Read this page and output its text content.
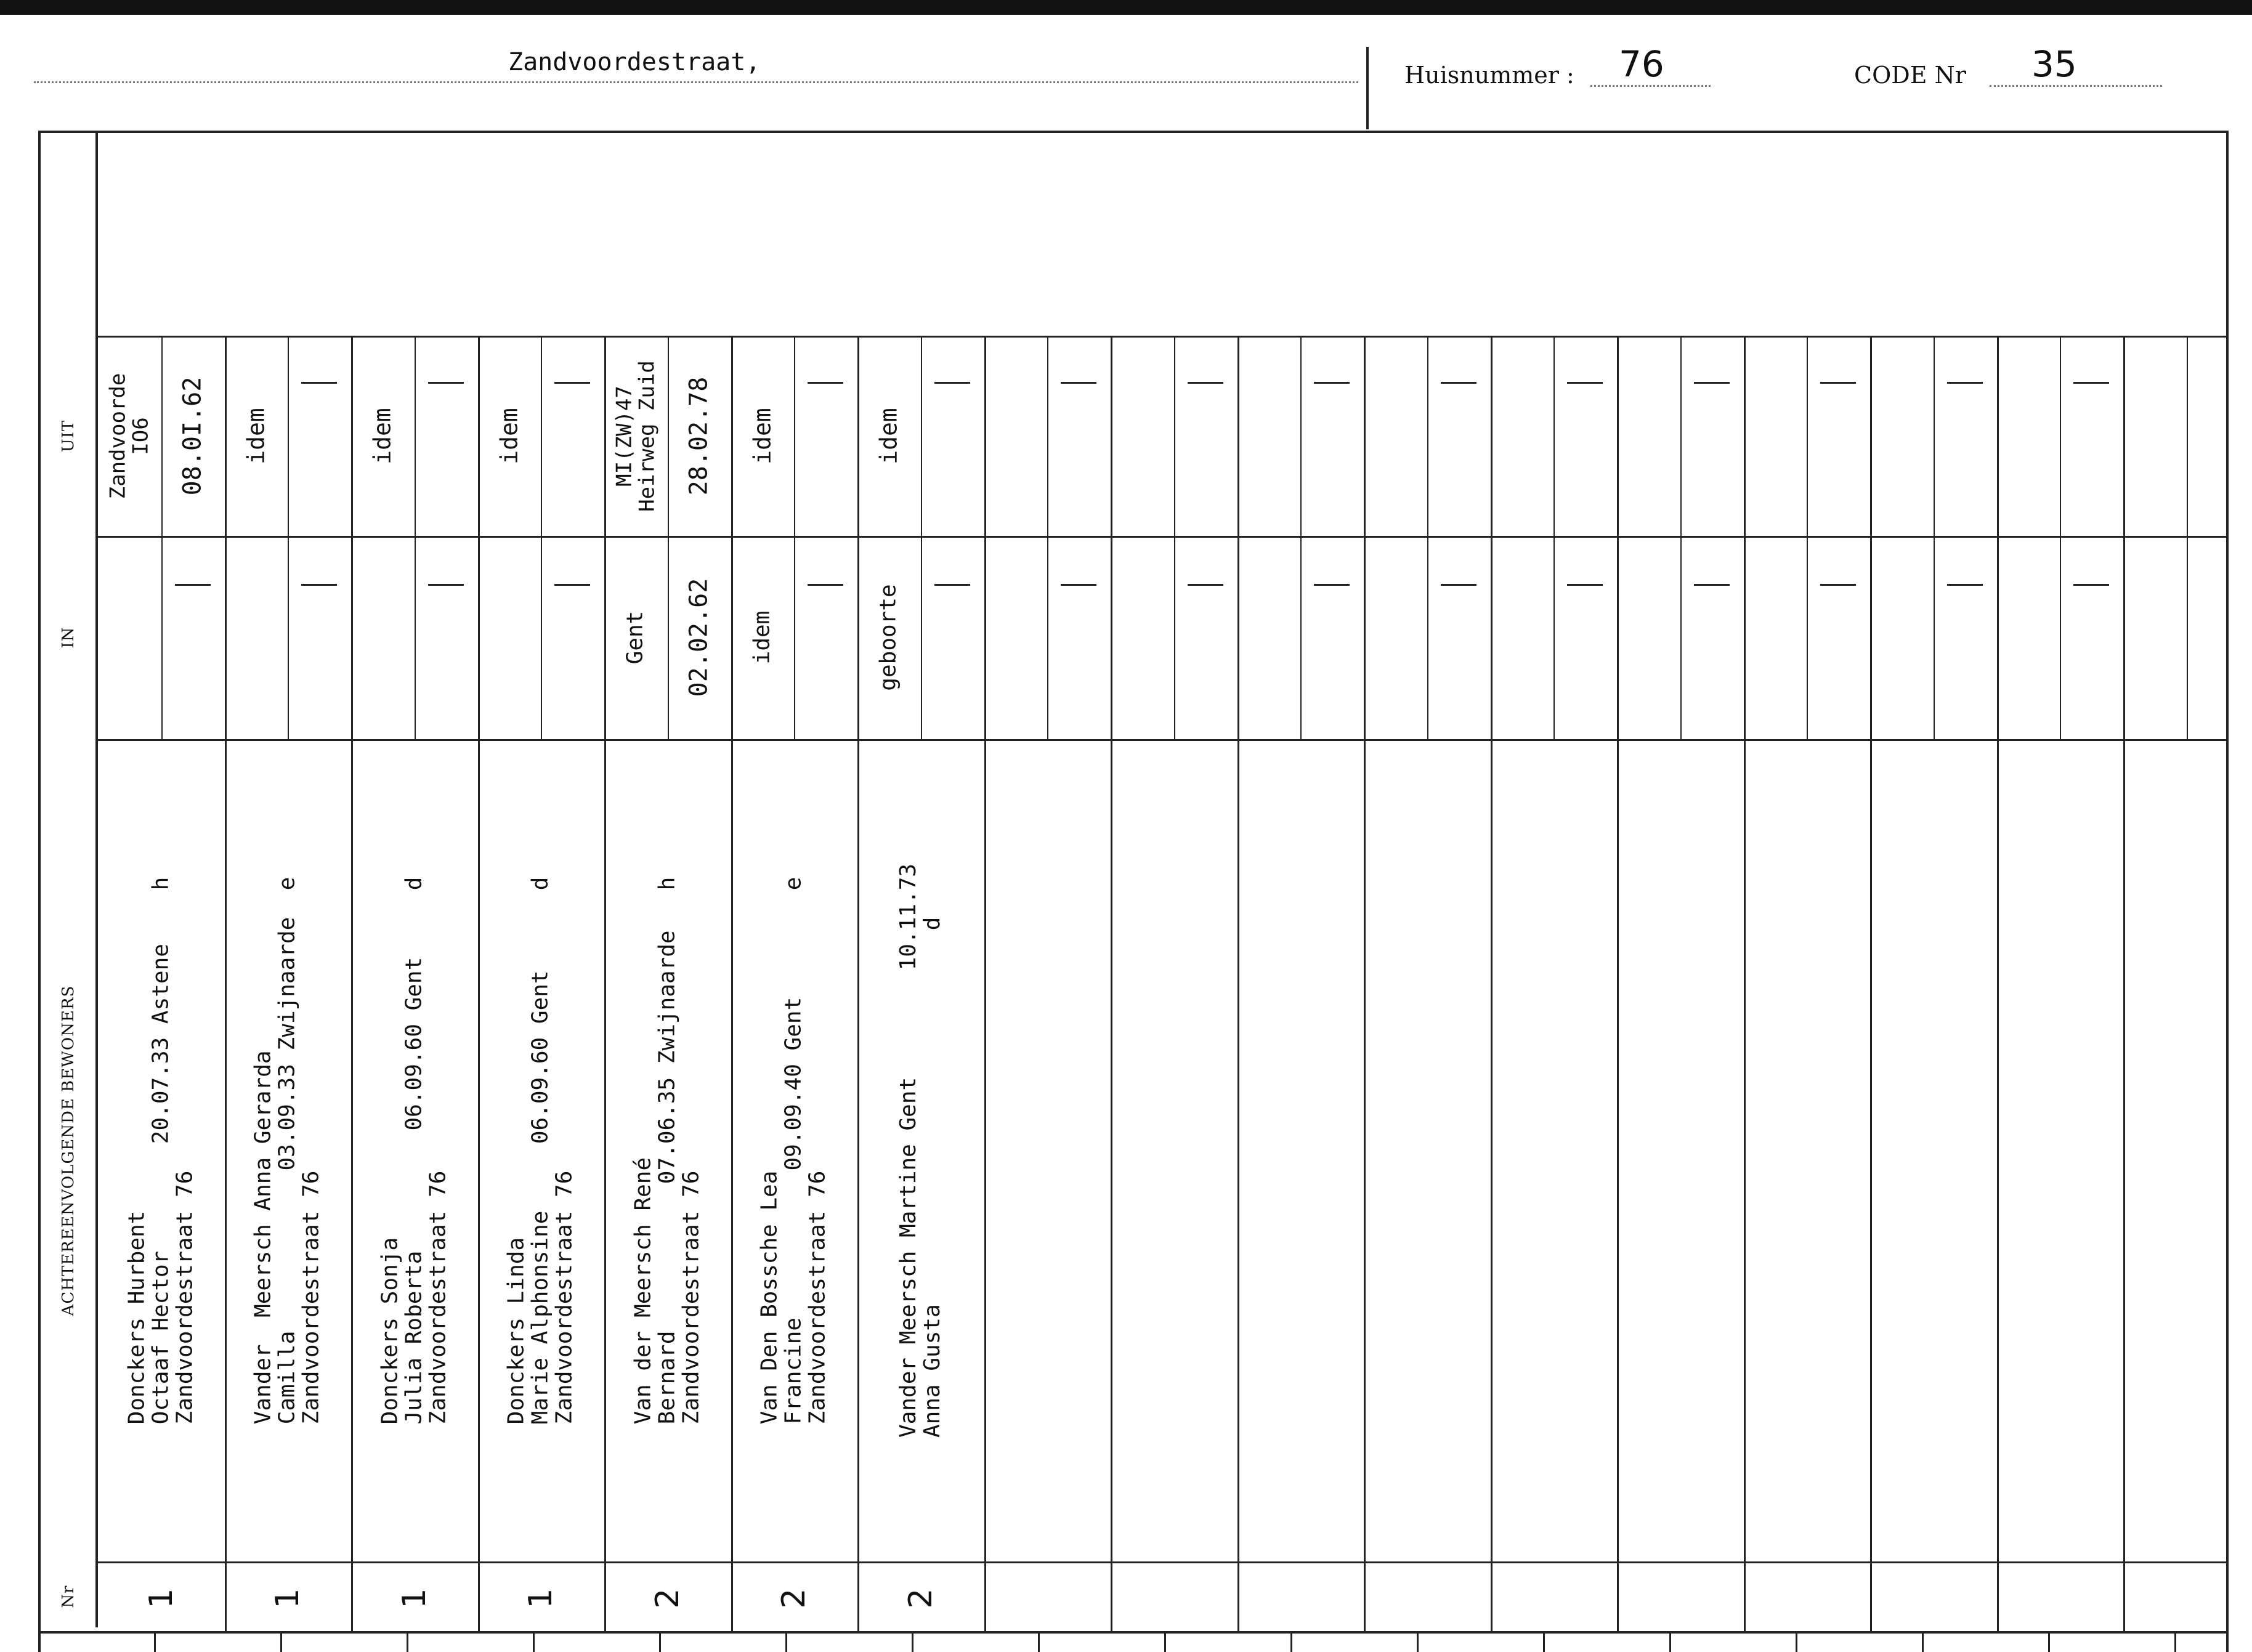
Zandvoordestraat,	Huisnummer : 76	CODE Nr 35
UIT
IN
ACHTEREENVOLGENDE BEWONERS
Nr
Donckers Hurbent
Octaaf Hector        20.07.33 Astene    h
Zandvoordestraat 76
1
Zandvoorde
IO6 08.0I.62
Vander  Meersch Anna Gerarda
Camilla            03.09.33 Zwijnaarde  e
Zandvoordestraat 76
1
idem
Donckers Sonja
Julia Roberta         06.09.60 Gent     d
Zandvoordestraat 76
1
idem
Donckers Linda
Marie Alphonsine     06.09.60 Gent      d
Zandvoordestraat 76
1
idem
Van der Meersch René
Bernard           07.06.35 Zwijnaarde   h
Zandvoordestraat 76
2
Gent 02.02.62
MI(ZW)47
Heirweg Zuid 28.02.78
Van Den Bossche Lea
Francine           09.09.40 Gent        e
Zandvoordestraat 76
2
idem
idem
Vander Meersch Martine Gent        10.11.73
Anna Gusta                            d
2
geboorte
idem
